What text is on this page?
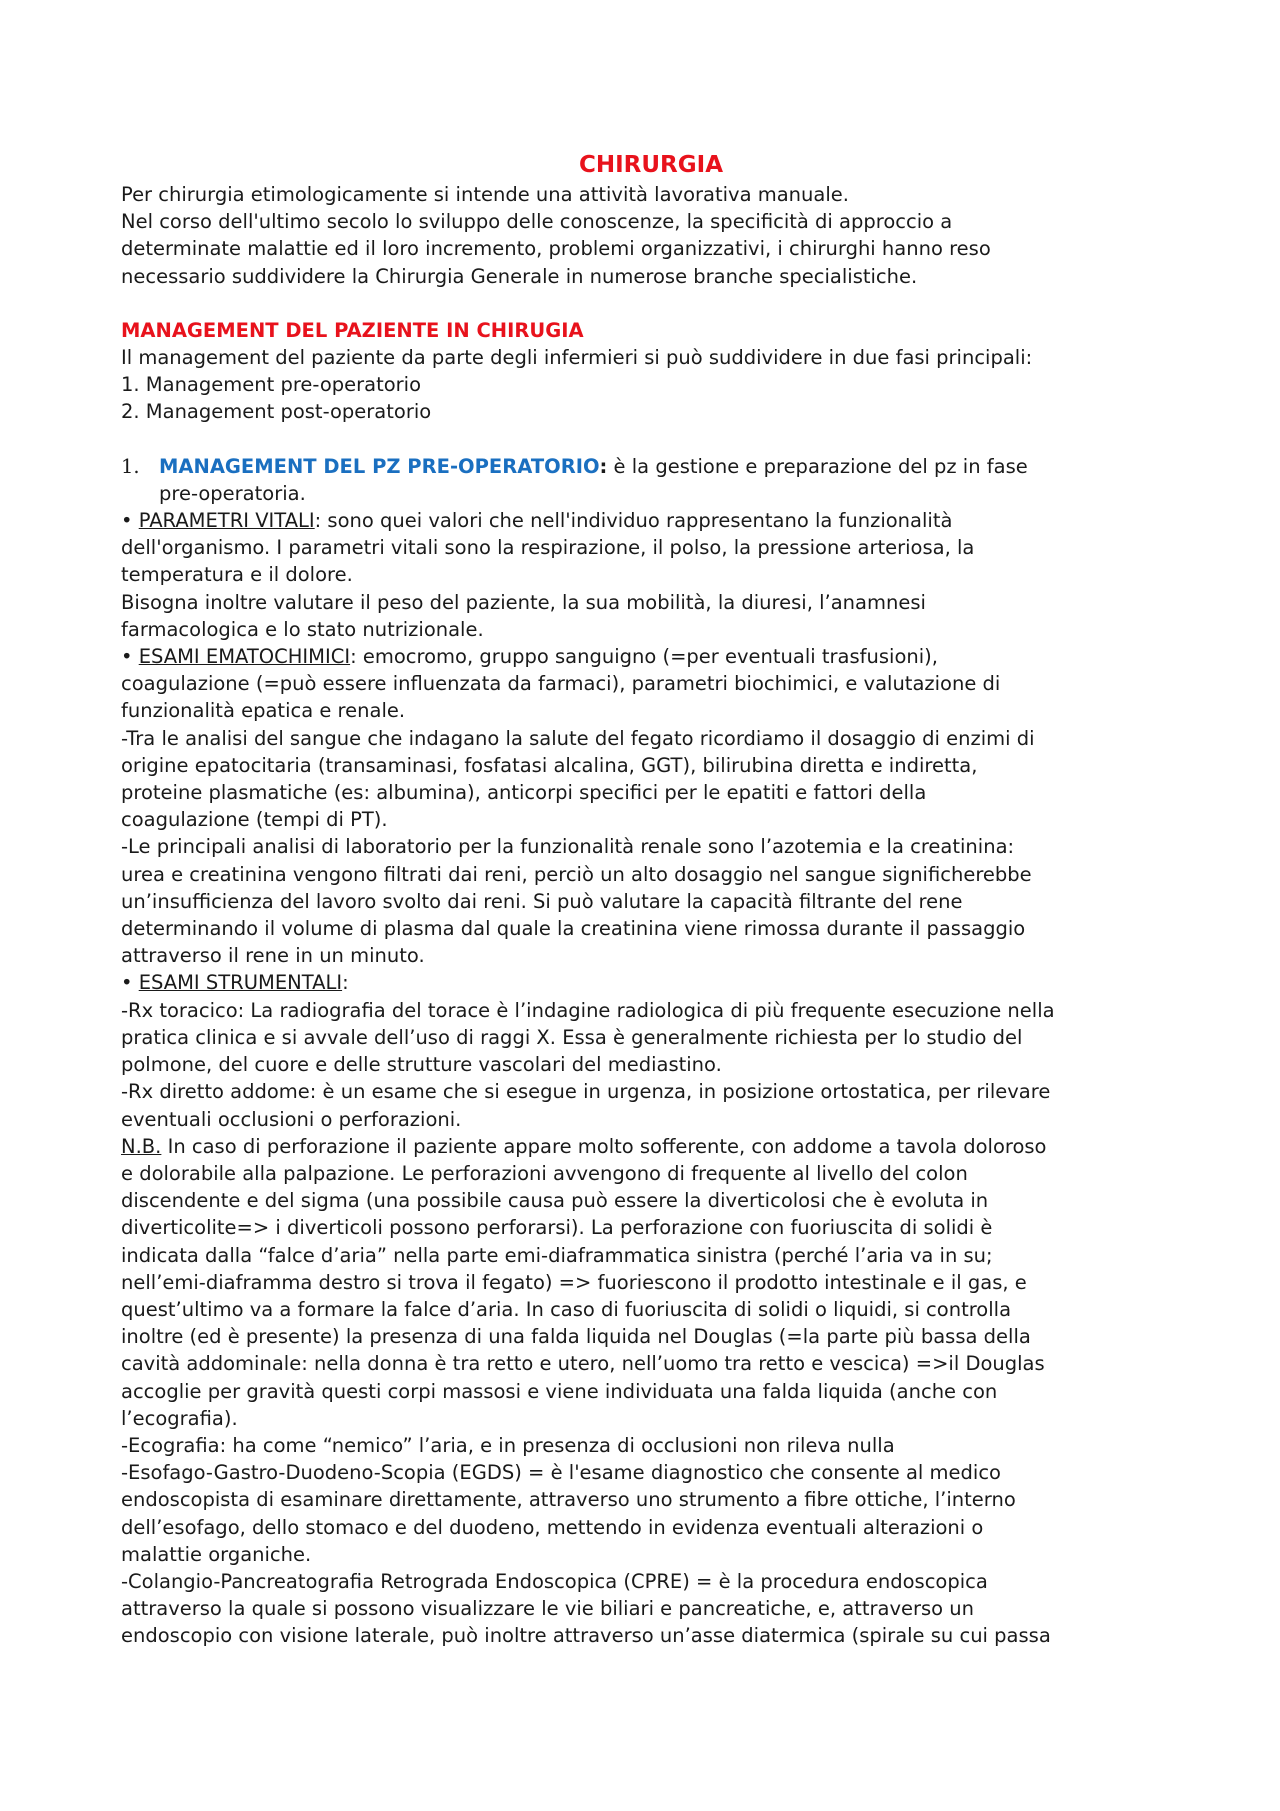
CHIRURGIA

Per chirurgia etimologicamente si intende una attività lavorativa manuale.

Nel corso dell'ultimo secolo lo sviluppo delle conoscenze, la specificità di approccio a

determinate malattie ed il loro incremento, problemi organizzativi, i chirurghi hanno reso

necessario suddividere la Chirurgia Generale in numerose branche specialistiche.

MANAGEMENT DEL PAZIENTE IN CHIRUGIA

Il management del paziente da parte degli infermieri si può suddividere in due fasi principali:

1. Management pre-operatorio

2. Management post-operatorio

1. MANAGEMENT DEL PZ PRE-OPERATORIO: è la gestione e preparazione del pz in fase

pre-operatoria.

• PARAMETRI VITALI: sono quei valori che nell'individuo rappresentano la funzionalità

dell'organismo. I parametri vitali sono la respirazione, il polso, la pressione arteriosa, la

temperatura e il dolore.

Bisogna inoltre valutare il peso del paziente, la sua mobilità, la diuresi, l’anamnesi

farmacologica e lo stato nutrizionale.

• ESAMI EMATOCHIMICI: emocromo, gruppo sanguigno (=per eventuali trasfusioni),

coagulazione (=può essere influenzata da farmaci), parametri biochimici, e valutazione di

funzionalità epatica e renale.

-Tra le analisi del sangue che indagano la salute del fegato ricordiamo il dosaggio di enzimi di

origine epatocitaria (transaminasi, fosfatasi alcalina, GGT), bilirubina diretta e indiretta,

proteine plasmatiche (es: albumina), anticorpi specifici per le epatiti e fattori della

coagulazione (tempi di PT).

-Le principali analisi di laboratorio per la funzionalità renale sono l’azotemia e la creatinina:

urea e creatinina vengono filtrati dai reni, perciò un alto dosaggio nel sangue significherebbe

un’insufficienza del lavoro svolto dai reni. Si può valutare la capacità filtrante del rene

determinando il volume di plasma dal quale la creatinina viene rimossa durante il passaggio

attraverso il rene in un minuto.

• ESAMI STRUMENTALI:

-Rx toracico: La radiografia del torace è l’indagine radiologica di più frequente esecuzione nella

pratica clinica e si avvale dell’uso di raggi X. Essa è generalmente richiesta per lo studio del

polmone, del cuore e delle strutture vascolari del mediastino.

-Rx diretto addome: è un esame che si esegue in urgenza, in posizione ortostatica, per rilevare

eventuali occlusioni o perforazioni.

N.B. In caso di perforazione il paziente appare molto sofferente, con addome a tavola doloroso

e dolorabile alla palpazione. Le perforazioni avvengono di frequente al livello del colon

discendente e del sigma (una possibile causa può essere la diverticolosi che è evoluta in

diverticolite=> i diverticoli possono perforarsi). La perforazione con fuoriuscita di solidi è

indicata dalla “falce d’aria” nella parte emi-diaframmatica sinistra (perché l’aria va in su;

nell’emi-diaframma destro si trova il fegato) => fuoriescono il prodotto intestinale e il gas, e

quest’ultimo va a formare la falce d’aria. In caso di fuoriuscita di solidi o liquidi, si controlla

inoltre (ed è presente) la presenza di una falda liquida nel Douglas (=la parte più bassa della

cavità addominale: nella donna è tra retto e utero, nell’uomo tra retto e vescica) =>il Douglas

accoglie per gravità questi corpi massosi e viene individuata una falda liquida (anche con

l’ecografia).

-Ecografia: ha come “nemico” l’aria, e in presenza di occlusioni non rileva nulla

-Esofago-Gastro-Duodeno-Scopia (EGDS) = è l'esame diagnostico che consente al medico

endoscopista di esaminare direttamente, attraverso uno strumento a fibre ottiche, l’interno

dell’esofago, dello stomaco e del duodeno, mettendo in evidenza eventuali alterazioni o

malattie organiche.

-Colangio-Pancreatografia Retrograda Endoscopica (CPRE) = è la procedura endoscopica

attraverso la quale si possono visualizzare le vie biliari e pancreatiche, e, attraverso un

endoscopio con visione laterale, può inoltre attraverso un’asse diatermica (spirale su cui passa
